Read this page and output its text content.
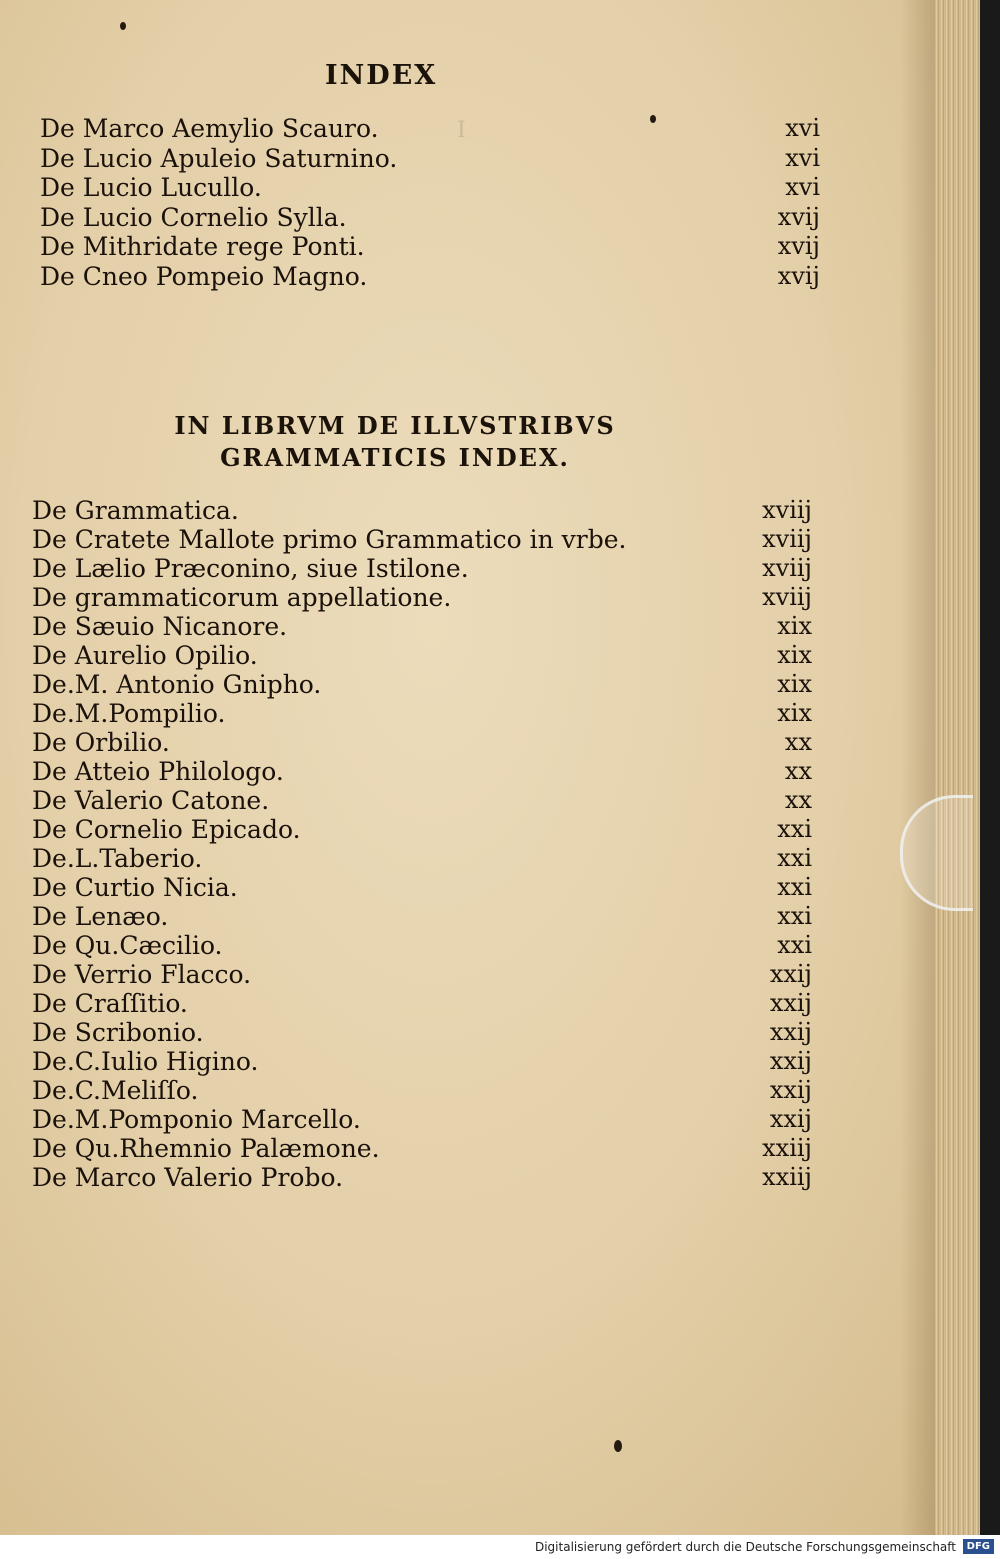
I
INDEX
De Marco Aemylio Scauro.	xvi
De Lucio Apuleio Saturnino.	xvi
De Lucio Lucullo.	xvi
De Lucio Cornelio Sylla.	xvij
De Mithridate rege Ponti.	xvij
De Cneo Pompeio Magno.	xvij
IN LIBRVM DE ILLVSTRIBVS
GRAMMATICIS INDEX.
De Grammatica.	xviij
De Cratete Mallote primo Grammatico in vrbe.	xviij
De Lælio Præconino, siue Istilone.	xviij
De grammaticorum appellatione.	xviij
De Sæuio Nicanore.	xix
De Aurelio Opilio.	xix
De.M. Antonio Gnipho.	xix
De.M.Pompilio.	xix
De Orbilio.	xx
De Atteio Philologo.	xx
De Valerio Catone.	xx
De Cornelio Epicado.	xxi
De.L.Taberio.	xxi
De Curtio Nicia.	xxi
De Lenæo.	xxi
De Qu.Cæcilio.	xxi
De Verrio Flacco.	xxij
De Craſſitio.	xxij
De Scribonio.	xxij
De.C.Iulio Higino.	xxij
De.C.Meliſſo.	xxij
De.M.Pomponio Marcello.	xxij
De Qu.Rhemnio Palæmone.	xxiij
De Marco Valerio Probo.	xxiij
Digitalisierung gefördert durch die Deutsche Forschungsgemeinschaft	DFG
